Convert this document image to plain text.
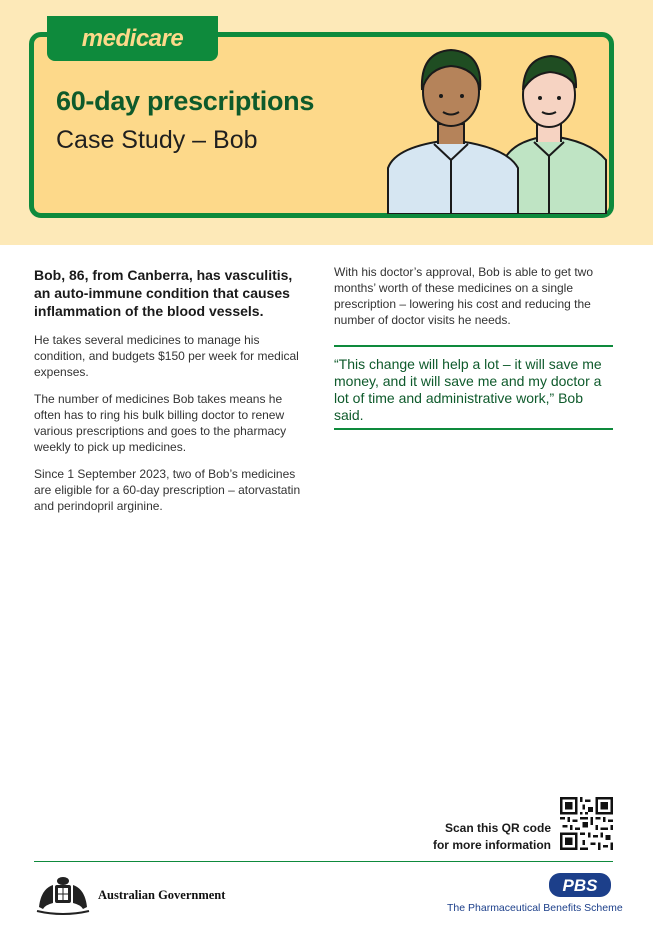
medicare
60-day prescriptions
Case Study – Bob

Bob, 86, from Canberra, has vasculitis, an auto-immune condition that causes inflammation of the blood vessels.

He takes several medicines to manage his condition, and budgets $150 per week for medical expenses.

The number of medicines Bob takes means he often has to ring his bulk billing doctor to renew various prescriptions and goes to the pharmacy weekly to pick up medicines.

Since 1 September 2023, two of Bob’s medicines are eligible for a 60-day prescription – atorvastatin and perindopril arginine.

With his doctor’s approval, Bob is able to get two months’ worth of these medicines on a single prescription – lowering his cost and reducing the number of doctor visits he needs.

“This change will help a lot – it will save me money, and it will save me and my doctor a lot of time and administrative work,” Bob said.
Scan this QR code
for more information
Australian Government	PBS
The Pharmaceutical Benefits Scheme
